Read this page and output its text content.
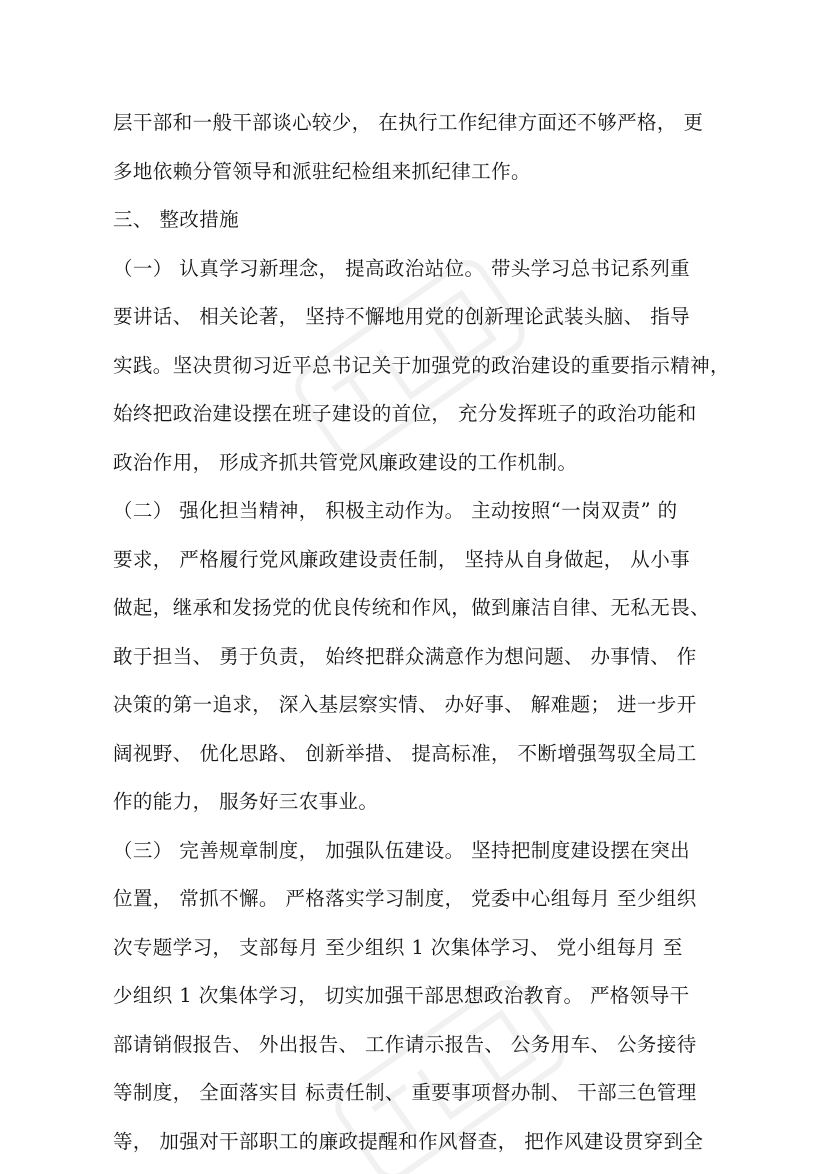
层干部和一般干部谈心较少， 在执行工作纪律方面还不够严格， 更
多地依赖分管领导和派驻纪检组来抓纪律工作。
三、 整改措施
（一） 认真学习新理念， 提高政治站位。 带头学习总书记系列重
要讲话、 相关论著， 坚持不懈地用党的创新理论武装头脑、 指导
实践。坚决贯彻习近平总书记关于加强党的政治建设的重要指示精神，
始终把政治建设摆在班子建设的首位， 充分发挥班子的政治功能和
政治作用， 形成齐抓共管党风廉政建设的工作机制。
（二） 强化担当精神， 积极主动作为。 主动按照“一岗双责” 的
要求， 严格履行党风廉政建设责任制， 坚持从自身做起， 从小事
做起，继承和发扬党的优良传统和作风，做到廉洁自律、无私无畏、
敢于担当、 勇于负责， 始终把群众满意作为想问题、 办事情、 作
决策的第一追求， 深入基层察实情、 办好事、 解难题； 进一步开
阔视野、 优化思路、 创新举措、 提高标准， 不断增强驾驭全局工
作的能力， 服务好三农事业。
（三） 完善规章制度， 加强队伍建设。 坚持把制度建设摆在突出
位置， 常抓不懈。 严格落实学习制度， 党委中心组每月 至少组织
次专题学习， 支部每月 至少组织 1 次集体学习、 党小组每月 至
少组织 1 次集体学习， 切实加强干部思想政治教育。 严格领导干
部请销假报告、 外出报告、 工作请示报告、 公务用车、 公务接待
等制度， 全面落实目 标责任制、 重要事项督办制、 干部三色管理
等， 加强对干部职工的廉政提醒和作风督查， 把作风建设贯穿到全
